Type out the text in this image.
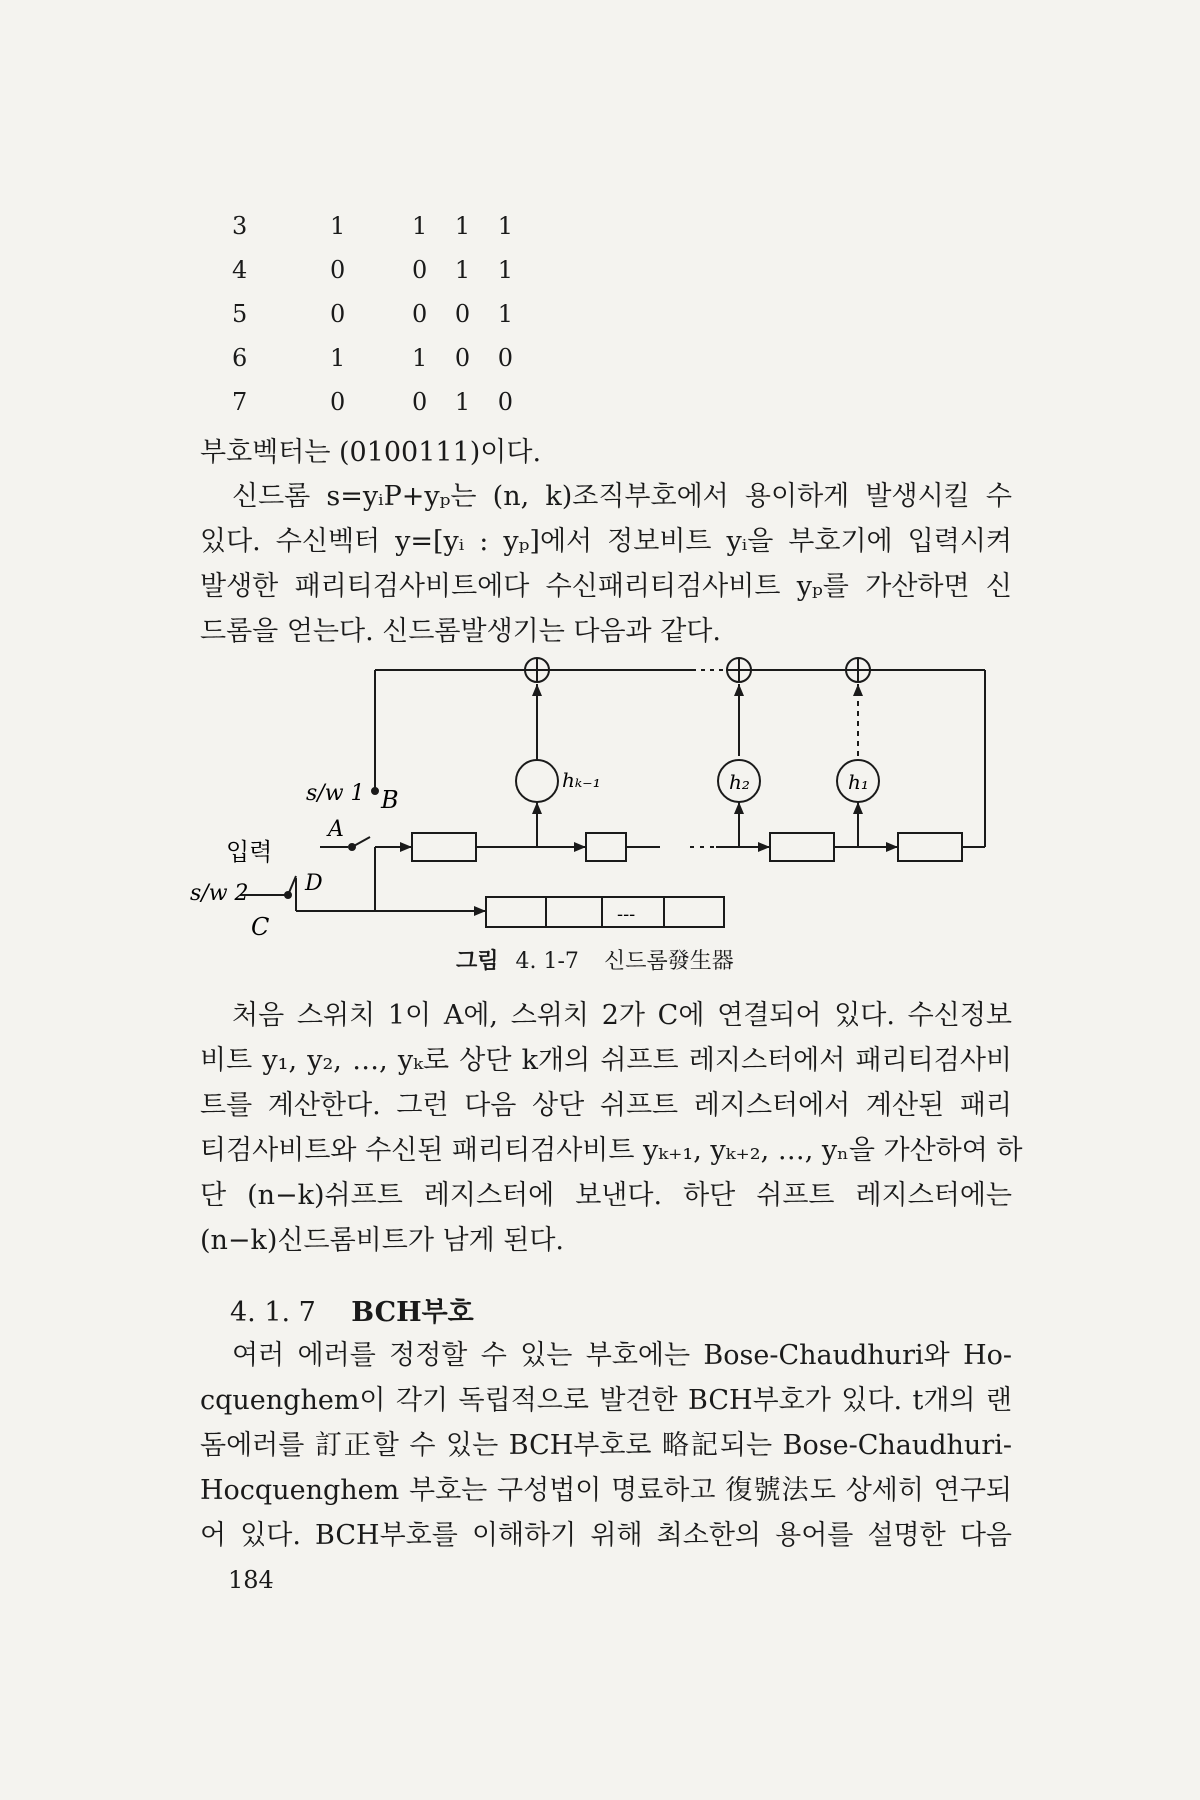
3	1	1 1 1
4	0	0 1 1
5	0	0 0 1
6	1	1 0 0
7	0	0 1 0
부호벡터는 (0100111)이다.
신드롬 s=yᵢP+yₚ는 (n, k)조직부호에서 용이하게 발생시킬 수
있다. 수신벡터 y=[yᵢ : yₚ]에서 정보비트 yᵢ을 부호기에 입력시켜
발생한 패리티검사비트에다 수신패리티검사비트 yₚ를 가산하면 신
드롬을 얻는다. 신드롬발생기는 다음과 같다.
입력
s/w 1 B
A
s/w 2	D
C
hₖ₋₁	h₂	h₁
---
그림 4. 1-7 신드롬發生器
처음 스위치 1이 A에, 스위치 2가 C에 연결되어 있다. 수신정보
비트 y₁, y₂, …, yₖ로 상단 k개의 쉬프트 레지스터에서 패리티검사비
트를 계산한다. 그런 다음 상단 쉬프트 레지스터에서 계산된 패리
티검사비트와 수신된 패리티검사비트 yₖ₊₁, yₖ₊₂, …, yₙ을 가산하여 하
단 (n−k)쉬프트 레지스터에 보낸다. 하단 쉬프트 레지스터에는
(n−k)신드롬비트가 남게 된다.
4. 1. 7 BCH부호
여러 에러를 정정할 수 있는 부호에는 Bose-Chaudhuri와 Ho-
cquenghem이 각기 독립적으로 발견한 BCH부호가 있다. t개의 랜
돔에러를 訂正할 수 있는 BCH부호로 略記되는 Bose-Chaudhuri-
Hocquenghem 부호는 구성법이 명료하고 復號法도 상세히 연구되
어 있다. BCH부호를 이해하기 위해 최소한의 용어를 설명한 다음
184
